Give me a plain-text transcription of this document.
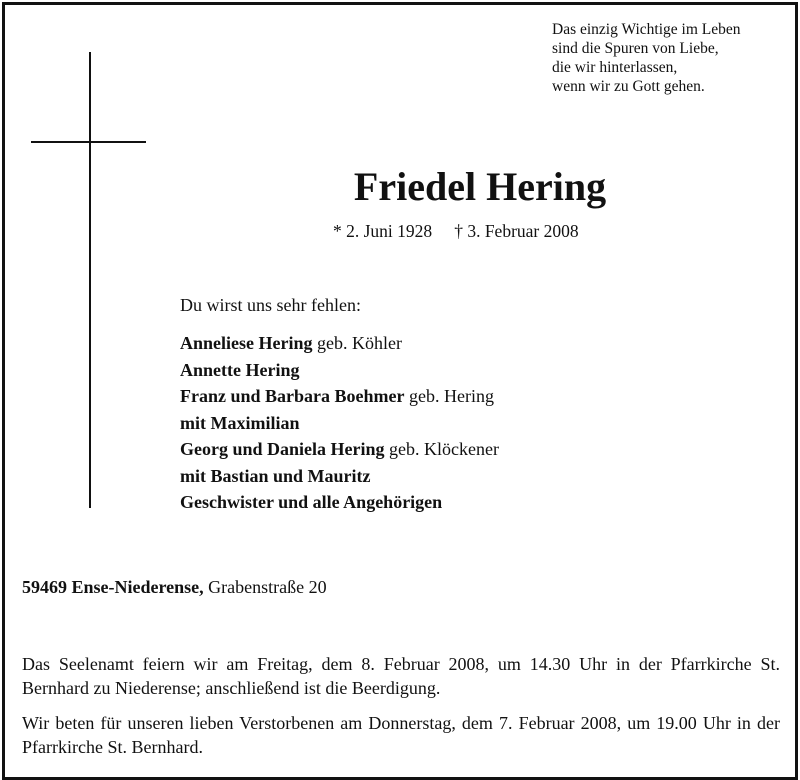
Das einzig Wichtige im Leben
sind die Spuren von Liebe,
die wir hinterlassen,
wenn wir zu Gott gehen.
Friedel Hering
* 2. Juni 1928 † 3. Februar 2008
Du wirst uns sehr fehlen:
Anneliese Hering geb. Köhler
Annette Hering
Franz und Barbara Boehmer geb. Hering
mit Maximilian
Georg und Daniela Hering geb. Klöckener
mit Bastian und Mauritz
Geschwister und alle Angehörigen
59469 Ense-Niederense, Grabenstraße 20
Das Seelenamt feiern wir am Freitag, dem 8. Februar 2008, um 14.30 Uhr in der Pfarrkirche St. Bernhard zu Niederense; anschließend ist die Beerdigung.
Wir beten für unseren lieben Verstorbenen am Donnerstag, dem 7. Februar 2008, um 19.00 Uhr in der Pfarrkirche St. Bernhard.
